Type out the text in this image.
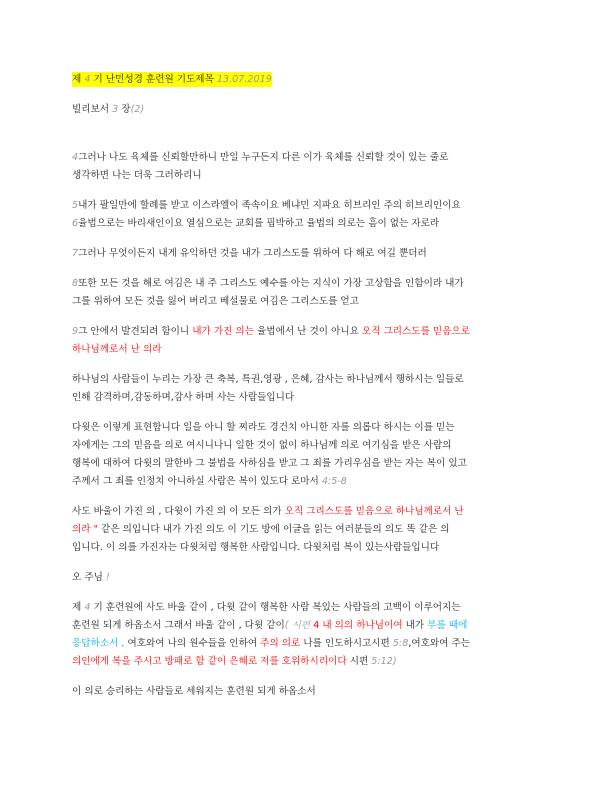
제 4 기 난민성경 훈련원 기도제목 13.07.2019

빌리보서 3 장(2)

4그러나 나도 육체를 신뢰할만하니 만일 누구든지 다른 이가 육체를 신뢰할 것이 있는 줄로
생각하면 나는 더욱 그러하리니

5내가 팔일만에 할례를 받고 이스라엘이 족속이요 베냐민 지파요 히브리인 주의 히브리인이요
6율법으로는 바리새인이요 열심으로는 교회를 핍박하고 율법의 의로는 흠이 없는 자로라

7그러나 무엇이든지 내게 유익하던 것을 내가 그리스도를 위하여 다 해로 여길 뿐더러

8또한 모든 것을 해로 여김은 내 주 그리스도 예수를 아는 지식이 가장 고상함을 인함이라 내가
그를 위하여 모든 것을 잃어 버리고 베설물로 여김은 그리스도를 얻고

9그 안에서 발견되려 함이니 내가 가진 의는 율법에서 난 것이 아니요 오직 그리스도를 믿음으로
하나님께로서 난 의라

하나님의 사람들이 누리는 가장 큰 축복, 특권,영광 , 은혜, 감사는 하나님께서 행하시는 일들로
인해 감격하며,감동하며,감사 하며 사는 사람들입니다

다윗은 이렇게 표현합니다 일을 아니 할 찌라도 경건치 아니한 자를 의롭다 하시는 이를 믿는
자에게는 그의 믿음을 의로 여시니나니 일한 것이 없이 하나님께 의로 여기심을 받은 사람의
행복에 대하여 다윗의 말한바 그 불법을 사하심을 받고 그 죄를 가리우심을 받는 자는 복이 있고
주께서 그 죄를 인정치 아니하실 사람은 복이 있도다 로마서 4:5-8

사도 바울이 가진 의 , 다윗이 가진 의 이 모든 의가 오직 그리스도를 믿음으로 하나님께로서 난
의라 " 같은 의입니다 내가 가진 의도 이 기도 방에 이글을 읽는 여러분들의 의도 똑 같은 의
입니다. 이 의를 가진자는 다윗처럼 행복한 사람입니다. 다윗처럼 복이 있는사람들입니다

오 주님 !

제 4 기 훈련원에 사도 바울 같이 , 다윗 같이 행복한 사람 복있는 사람들의 고백이 이루어지는
훈련원 되게 하옵소서 그래서 바울 같이 , 다윗 같이( 시편 4 내 의의 하나님이여 내가 부를 때에
응답하소서 , 여호와여 나의 원수들을 인하여 주의 의로 나를 인도하시고시편 5:8,여호와여 주는
의인에게 복을 주시고 방패로 함 같이 은혜로 저를 호위하시리이다 시편 5:12)

이 의로 승리하는 사람들로 세워지는 훈련원 되게 하옵소서
